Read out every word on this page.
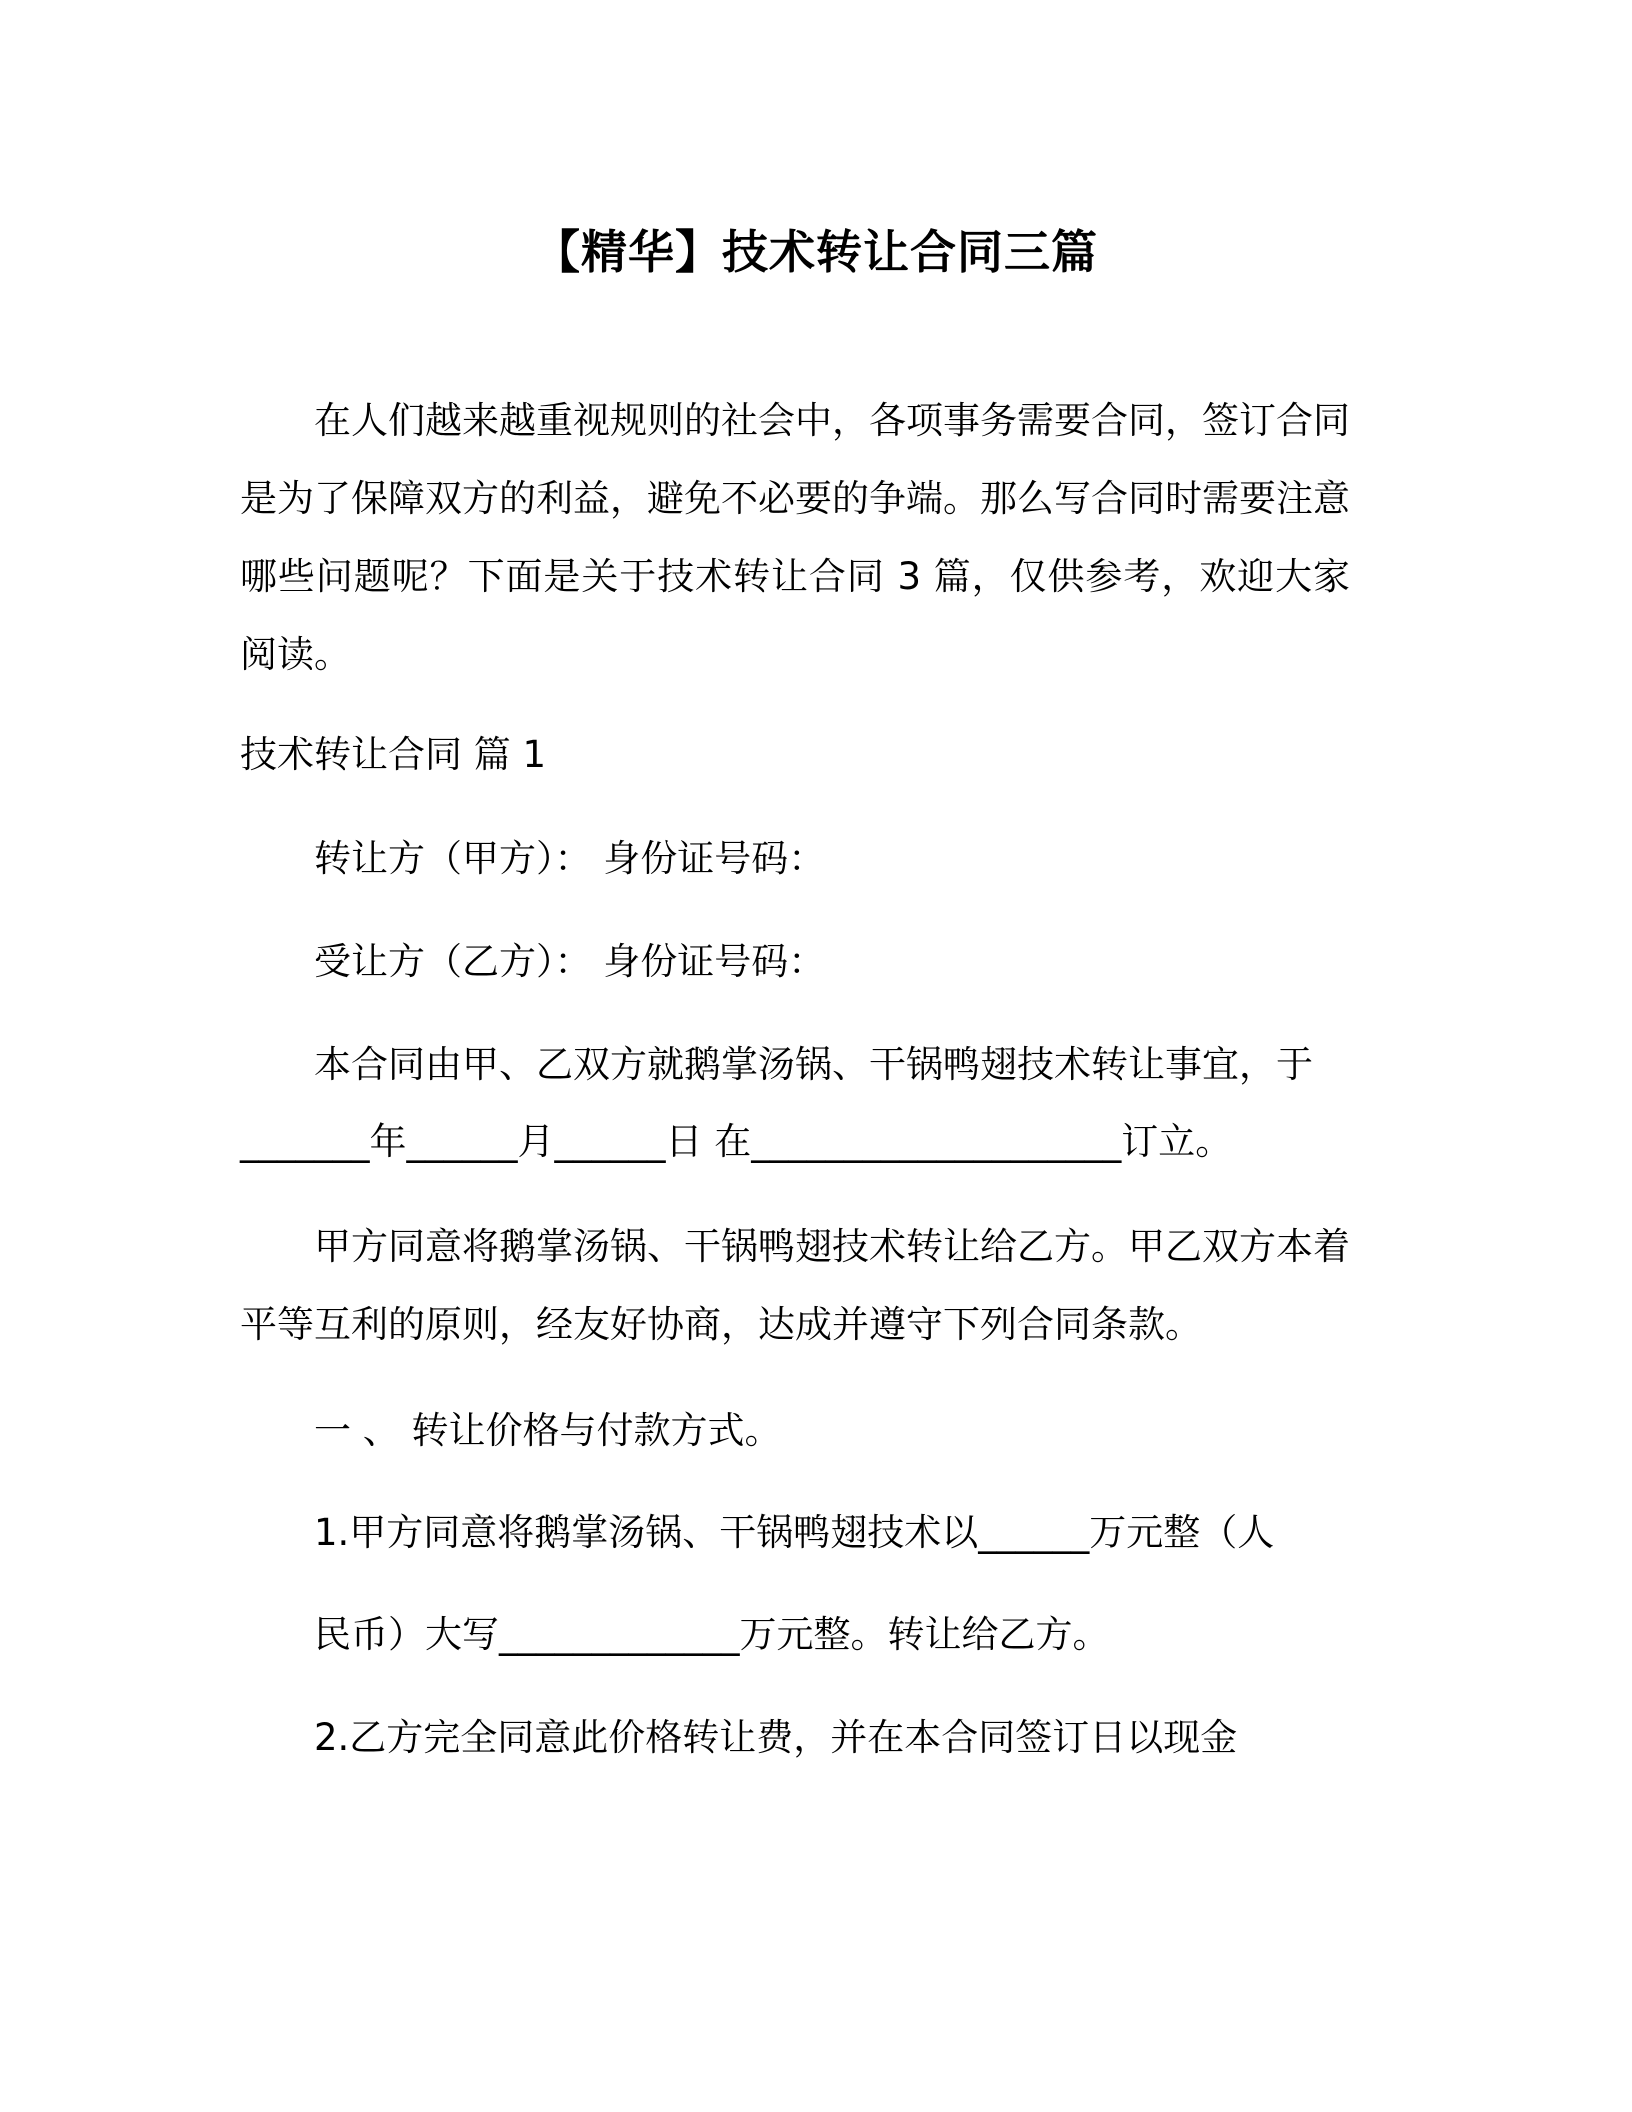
【精华】技术转让合同三篇
在人们越来越重视规则的社会中，各项事务需要合同，签订合同是为了保障双方的利益，避免不必要的争端。那么写合同时需要注意哪些问题呢？下面是关于技术转让合同 3 篇，仅供参考，欢迎大家阅读。
技术转让合同 篇 1
转让方（甲方）： 身份证号码：
受让方（乙方）： 身份证号码：
本合同由甲、乙双方就鹅掌汤锅、干锅鸭翅技术转让事宜，于
_______年______月______日 在____________________订立。
甲方同意将鹅掌汤锅、干锅鸭翅技术转让给乙方。甲乙双方本着平等互利的原则，经友好协商，达成并遵守下列合同条款。
一 、 转让价格与付款方式。
1.甲方同意将鹅掌汤锅、干锅鸭翅技术以______万元整（人
民币）大写_____________万元整。转让给乙方。
2.乙方完全同意此价格转让费，并在本合同签订日以现金
